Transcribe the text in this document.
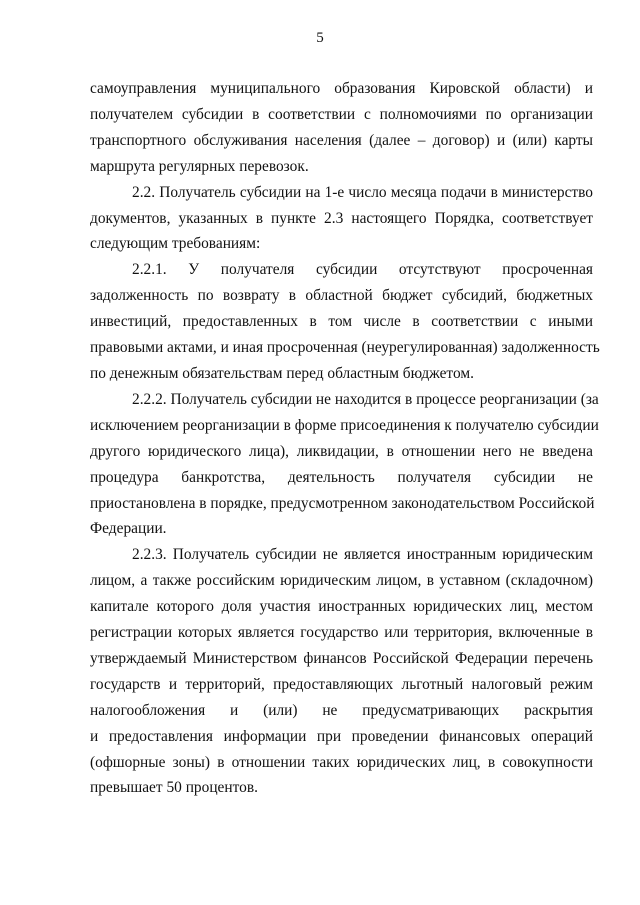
5

самоуправления муниципального образования Кировской области) и
получателем субсидии в соответствии с полномочиями по организации
транспортного обслуживания населения (далее – договор) и (или) карты
маршрута регулярных перевозок.

2.2. Получатель субсидии на 1-е число месяца подачи в министерство
документов, указанных в пункте 2.3 настоящего Порядка, соответствует
следующим требованиям:

2.2.1. У получателя субсидии отсутствуют просроченная
задолженность по возврату в областной бюджет субсидий, бюджетных
инвестиций, предоставленных в том числе в соответствии с иными
правовыми актами, и иная просроченная (неурегулированная) задолженность
по денежным обязательствам перед областным бюджетом.

2.2.2. Получатель субсидии не находится в процессе реорганизации (за
исключением реорганизации в форме присоединения к получателю субсидии
другого юридического лица), ликвидации, в отношении него не введена
процедура банкротства, деятельность получателя субсидии не
приостановлена в порядке, предусмотренном законодательством Российской
Федерации.

2.2.3. Получатель субсидии не является иностранным юридическим
лицом, а также российским юридическим лицом, в уставном (складочном)
капитале которого доля участия иностранных юридических лиц, местом
регистрации которых является государство или территория, включенные в
утверждаемый Министерством финансов Российской Федерации перечень
государств и территорий, предоставляющих льготный налоговый режим
налогообложения и (или) не предусматривающих раскрытия
и предоставления информации при проведении финансовых операций
(офшорные зоны) в отношении таких юридических лиц, в совокупности
превышает 50 процентов.
